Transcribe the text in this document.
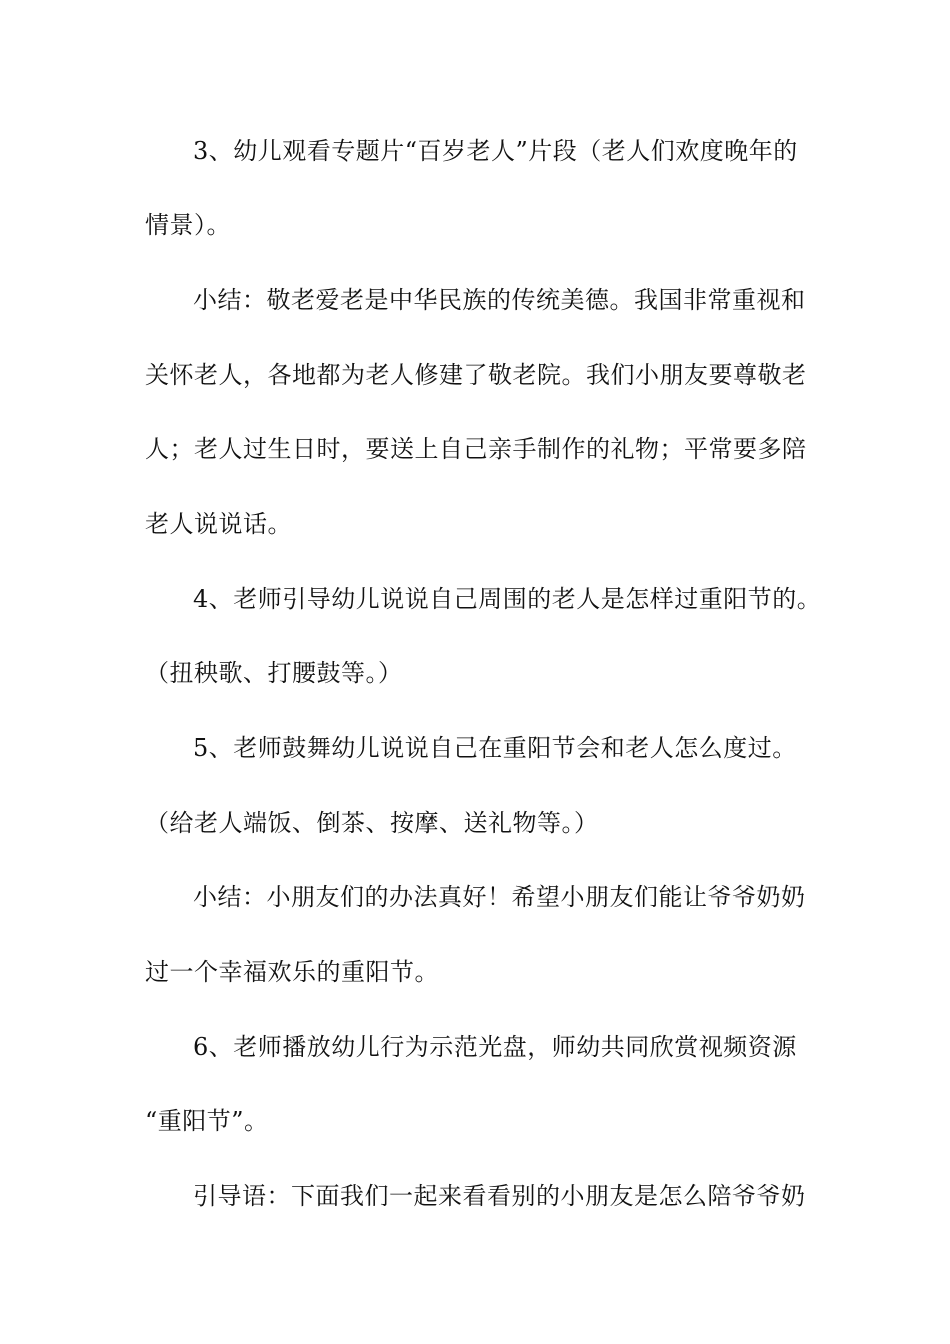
3、幼儿观看专题片“百岁老人”片段（老人们欢度晚年的
情景）。
小结：敬老爱老是中华民族的传统美德。我国非常重视和
关怀老人，各地都为老人修建了敬老院。我们小朋友要尊敬老
人；老人过生日时，要送上自己亲手制作的礼物；平常要多陪
老人说说话。
4、老师引导幼儿说说自己周围的老人是怎样过重阳节的。
（扭秧歌、打腰鼓等。）
5、老师鼓舞幼儿说说自己在重阳节会和老人怎么度过。
（给老人端饭、倒茶、按摩、送礼物等。）
小结：小朋友们的办法真好！希望小朋友们能让爷爷奶奶
过一个幸福欢乐的重阳节。
6、老师播放幼儿行为示范光盘，师幼共同欣赏视频资源
“重阳节”。
引导语：下面我们一起来看看别的小朋友是怎么陪爷爷奶
